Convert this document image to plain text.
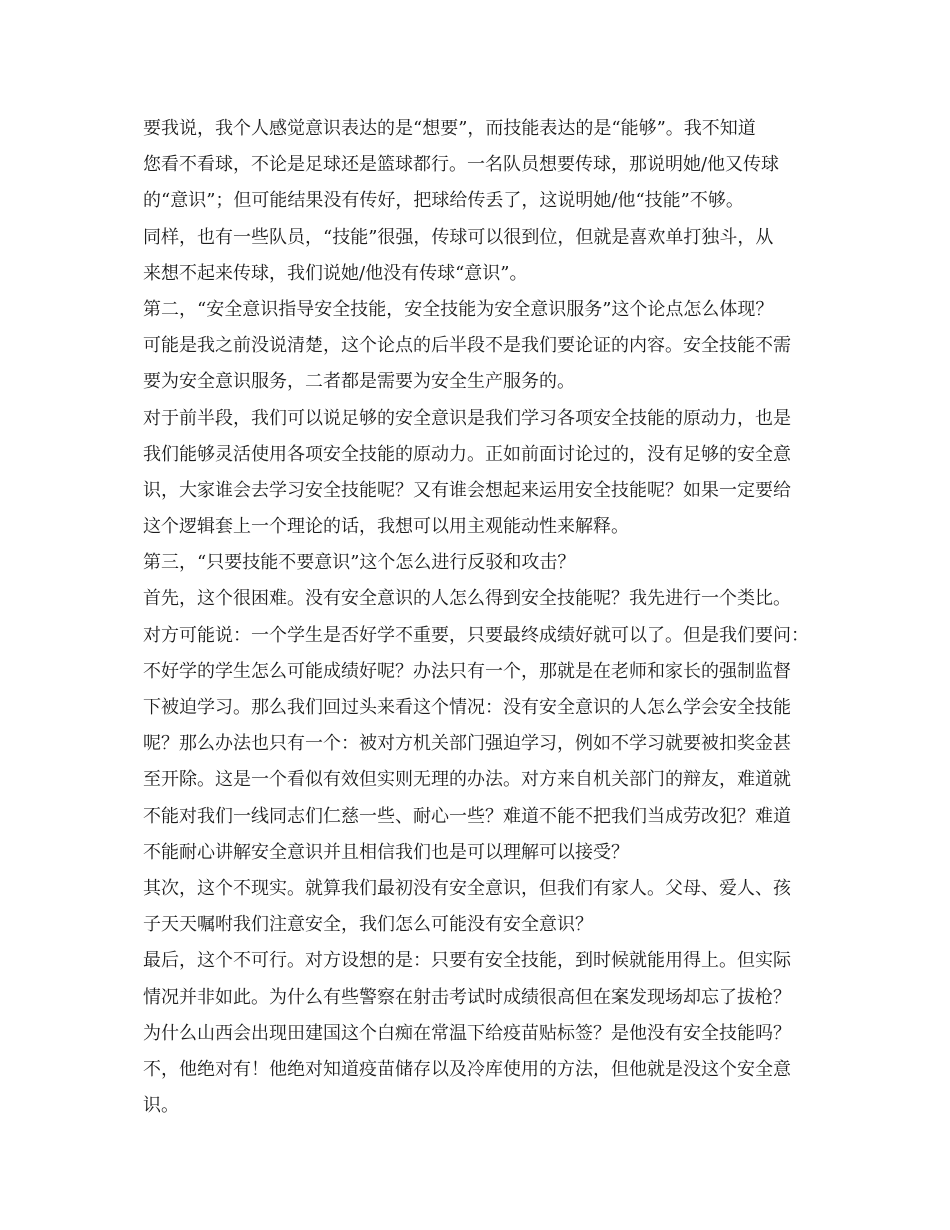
要我说，我个人感觉意识表达的是“想要”，而技能表达的是“能够”。我不知道
您看不看球，不论是足球还是篮球都行。一名队员想要传球，那说明她/他又传球
的“意识”；但可能结果没有传好，把球给传丢了，这说明她/他“技能”不够。
同样，也有一些队员，“技能”很强，传球可以很到位，但就是喜欢单打独斗，从
来想不起来传球，我们说她/他没有传球“意识”。
第二，“安全意识指导安全技能，安全技能为安全意识服务”这个论点怎么体现？
可能是我之前没说清楚，这个论点的后半段不是我们要论证的内容。安全技能不需
要为安全意识服务，二者都是需要为安全生产服务的。
对于前半段，我们可以说足够的安全意识是我们学习各项安全技能的原动力，也是
我们能够灵活使用各项安全技能的原动力。正如前面讨论过的，没有足够的安全意
识，大家谁会去学习安全技能呢？又有谁会想起来运用安全技能呢？如果一定要给
这个逻辑套上一个理论的话，我想可以用主观能动性来解释。
第三，“只要技能不要意识”这个怎么进行反驳和攻击？
首先，这个很困难。没有安全意识的人怎么得到安全技能呢？我先进行一个类比。
对方可能说：一个学生是否好学不重要，只要最终成绩好就可以了。但是我们要问：
不好学的学生怎么可能成绩好呢？办法只有一个，那就是在老师和家长的强制监督
下被迫学习。那么我们回过头来看这个情况：没有安全意识的人怎么学会安全技能
呢？那么办法也只有一个：被对方机关部门强迫学习，例如不学习就要被扣奖金甚
至开除。这是一个看似有效但实则无理的办法。对方来自机关部门的辩友，难道就
不能对我们一线同志们仁慈一些、耐心一些？难道不能不把我们当成劳改犯？难道
不能耐心讲解安全意识并且相信我们也是可以理解可以接受？
其次，这个不现实。就算我们最初没有安全意识，但我们有家人。父母、爱人、孩
子天天嘱咐我们注意安全，我们怎么可能没有安全意识？
最后，这个不可行。对方设想的是：只要有安全技能，到时候就能用得上。但实际
情况并非如此。为什么有些警察在射击考试时成绩很高但在案发现场却忘了拔枪？
为什么山西会出现田建国这个白痴在常温下给疫苗贴标签？是他没有安全技能吗？
不，他绝对有！他绝对知道疫苗储存以及冷库使用的方法，但他就是没这个安全意
识。
